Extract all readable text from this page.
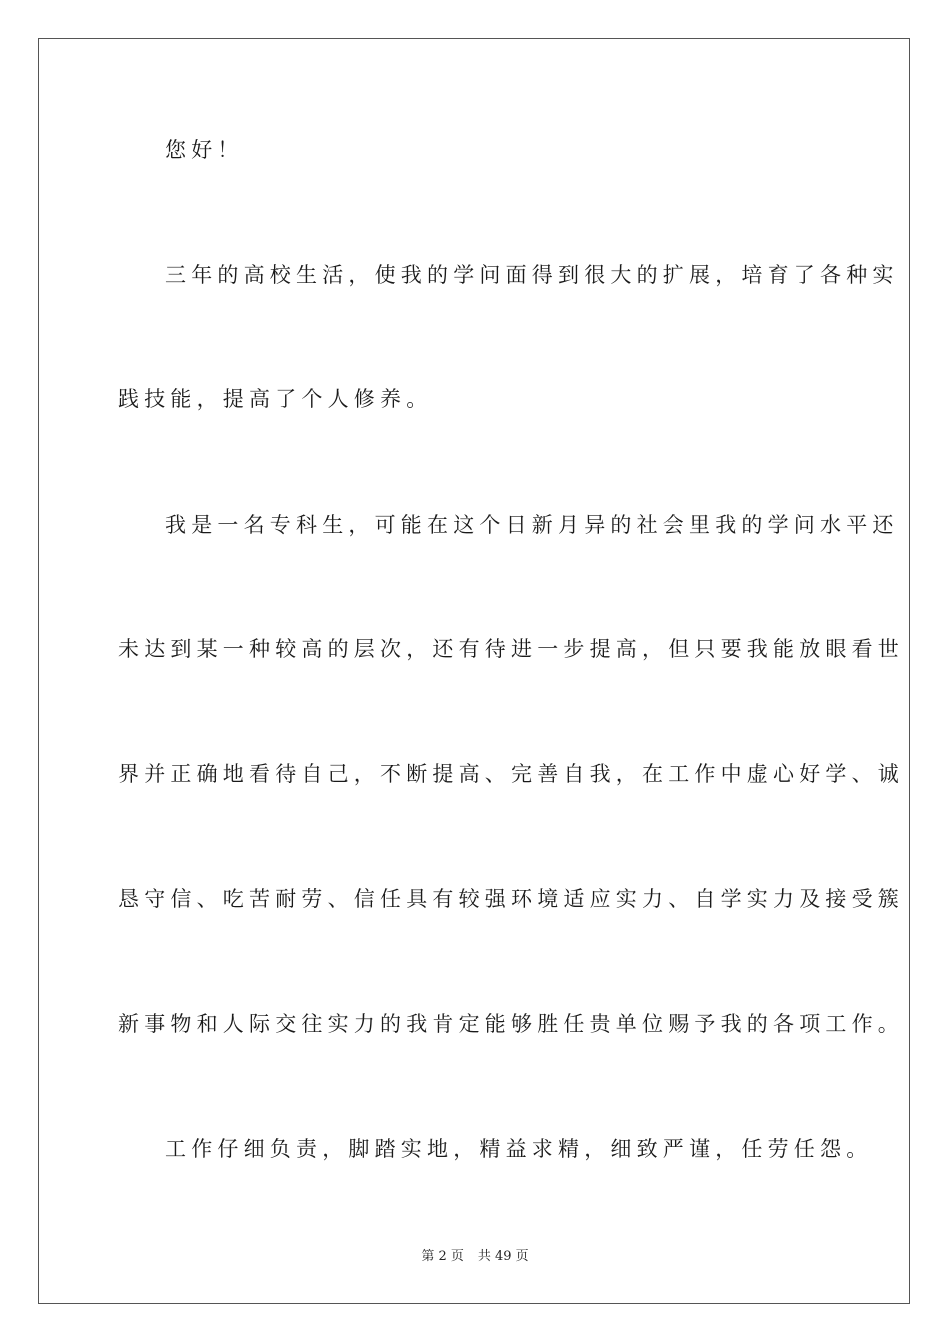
您好！
三年的高校生活，使我的学问面得到很大的扩展，培育了各种实
践技能，提高了个人修养。
我是一名专科生，可能在这个日新月异的社会里我的学问水平还
未达到某一种较高的层次，还有待进一步提高，但只要我能放眼看世
界并正确地看待自己，不断提高、完善自我，在工作中虚心好学、诚
恳守信、吃苦耐劳、信任具有较强环境适应实力、自学实力及接受簇
新事物和人际交往实力的我肯定能够胜任贵单位赐予我的各项工作。
工作仔细负责，脚踏实地，精益求精，细致严谨，任劳任怨。
第 2 页 共 49 页
